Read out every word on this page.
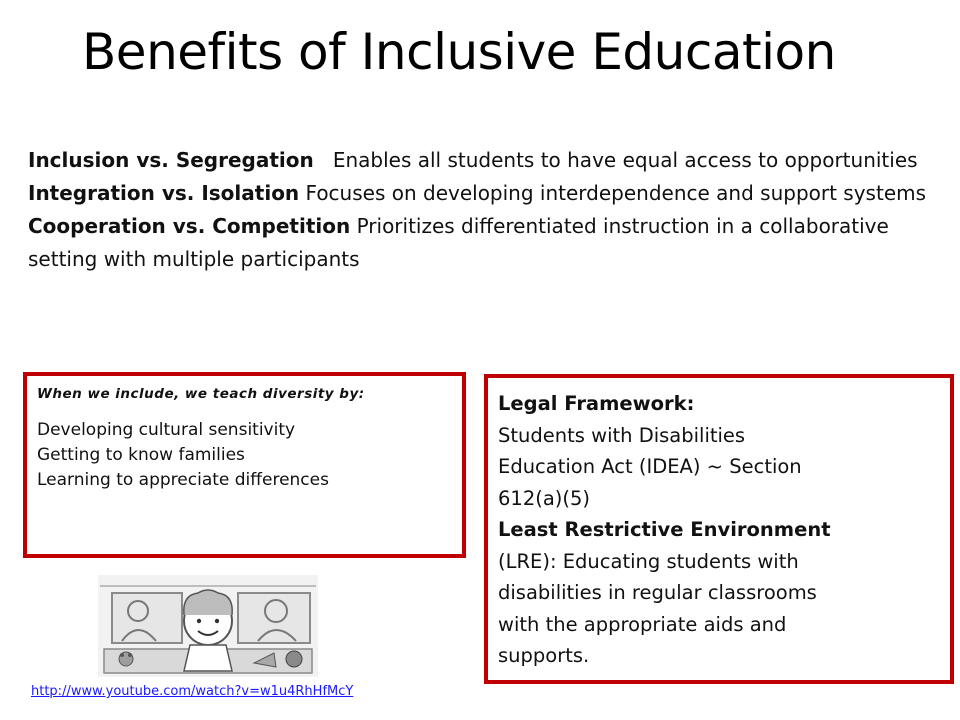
Benefits of Inclusive Education
Inclusion vs. Segregation   Enables all students to have equal access to opportunities
Integration vs. Isolation Focuses on developing interdependence and support systems
Cooperation vs. Competition Prioritizes differentiated instruction in a collaborative setting with multiple participants
When we include, we teach diversity by:
Developing cultural sensitivity
Getting to know families
Learning to appreciate differences
Legal Framework:
Students with Disabilities
Education Act (IDEA) ~ Section
612(a)(5)
Least Restrictive Environment
(LRE): Educating students with
disabilities in regular classrooms
with the appropriate aids and
supports.
http://www.youtube.com/watch?v=w1u4RhHfMcY
